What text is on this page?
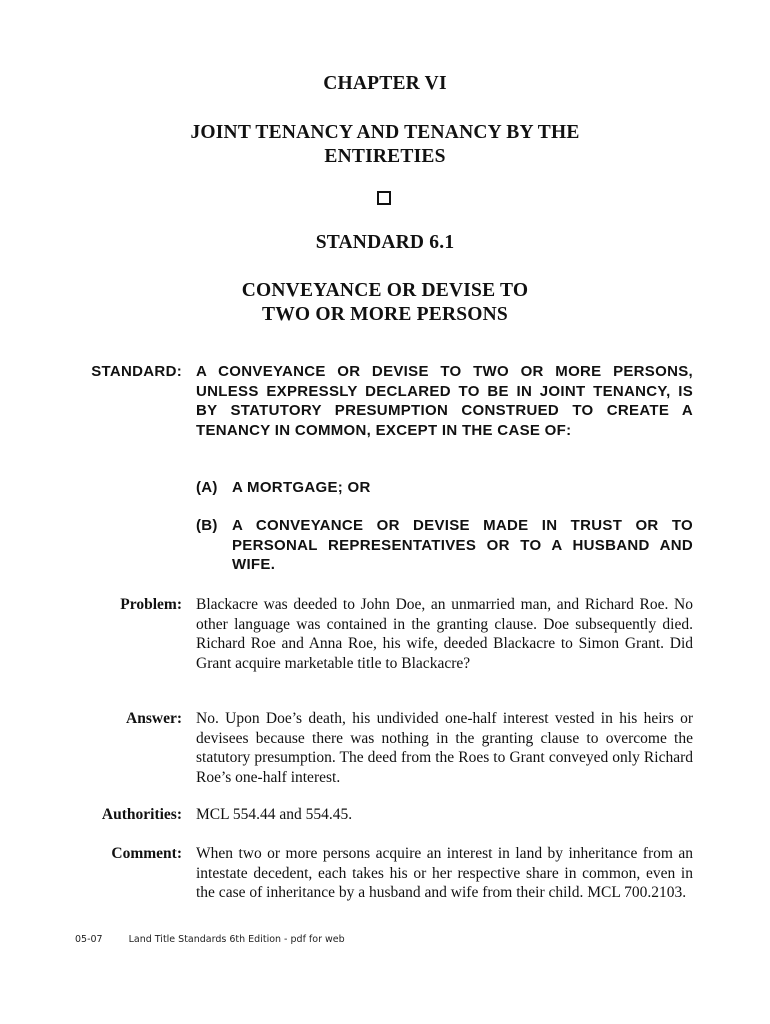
CHAPTER VI
JOINT TENANCY AND TENANCY BY THE
ENTIRETIES
STANDARD 6.1
CONVEYANCE OR DEVISE TO
TWO OR MORE PERSONS
STANDARD: A CONVEYANCE OR DEVISE TO TWO OR MORE PERSONS, UNLESS EXPRESSLY DECLARED TO BE IN JOINT TENANCY, IS BY STATUTORY PRESUMPTION CONSTRUED TO CREATE A TENANCY IN COMMON, EXCEPT IN THE CASE OF:
(A) A MORTGAGE; OR
(B) A CONVEYANCE OR DEVISE MADE IN TRUST OR TO PERSONAL REPRESENTATIVES OR TO A HUSBAND AND WIFE.
Problem: Blackacre was deeded to John Doe, an unmarried man, and Richard Roe. No other language was contained in the granting clause. Doe subsequently died. Richard Roe and Anna Roe, his wife, deeded Blackacre to Simon Grant. Did Grant acquire marketable title to Blackacre?
Answer: No. Upon Doe’s death, his undivided one-half interest vested in his heirs or devisees because there was nothing in the granting clause to overcome the statutory presumption. The deed from the Roes to Grant conveyed only Richard Roe’s one-half interest.
Authorities: MCL 554.44 and 554.45.
Comment: When two or more persons acquire an interest in land by inheritance from an intestate decedent, each takes his or her respective share in common, even in the case of inheritance by a husband and wife from their child. MCL 700.2103.
05-07	Land Title Standards 6th Edition - pdf for web
